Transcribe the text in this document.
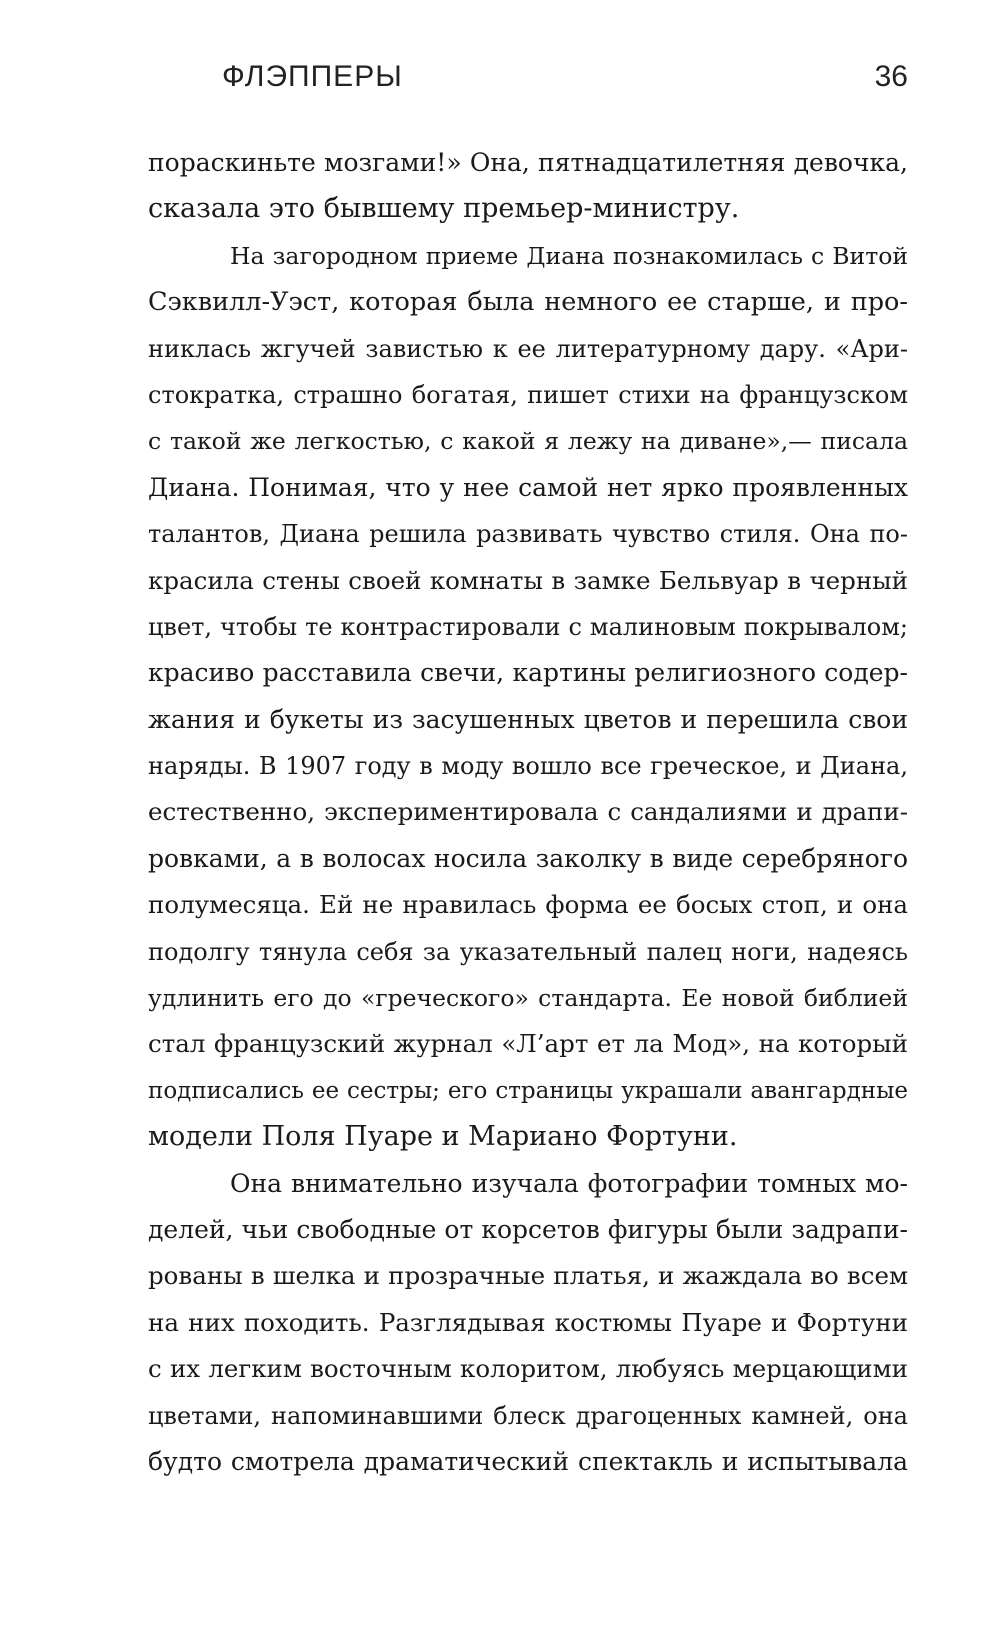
ФЛЭППЕРЫ	36
пораскиньте мозгами!» Она, пятнадцатилетняя девочка,
сказала это бывшему премьер-министру.
На загородном приеме Диана познакомилась с Витой
Сэквилл-Уэст, которая была немного ее старше, и про-
никлась жгучей завистью к ее литературному дару. «Ари-
стократка, страшно богатая, пишет стихи на французском
с такой же легкостью, с какой я лежу на диване»,— писала
Диана. Понимая, что у нее самой нет ярко проявленных
талантов, Диана решила развивать чувство стиля. Она по-
красила стены своей комнаты в замке Бельвуар в черный
цвет, чтобы те контрастировали с малиновым покрывалом;
красиво расставила свечи, картины религиозного содер-
жания и букеты из засушенных цветов и перешила свои
наряды. В 1907 году в моду вошло все греческое, и Диана,
естественно, экспериментировала с сандалиями и драпи-
ровками, а в волосах носила заколку в виде серебряного
полумесяца. Ей не нравилась форма ее босых стоп, и она
подолгу тянула себя за указательный палец ноги, надеясь
удлинить его до «греческого» стандарта. Ее новой библией
стал французский журнал «Л’арт ет ла Мод», на который
подписались ее сестры; его страницы украшали авангардные
модели Поля Пуаре и Мариано Фортуни.
Она внимательно изучала фотографии томных мо-
делей, чьи свободные от корсетов фигуры были задрапи-
рованы в шелка и прозрачные платья, и жаждала во всем
на них походить. Разглядывая костюмы Пуаре и Фортуни
с их легким восточным колоритом, любуясь мерцающими
цветами, напоминавшими блеск драгоценных камней, она
будто смотрела драматический спектакль и испытывала
